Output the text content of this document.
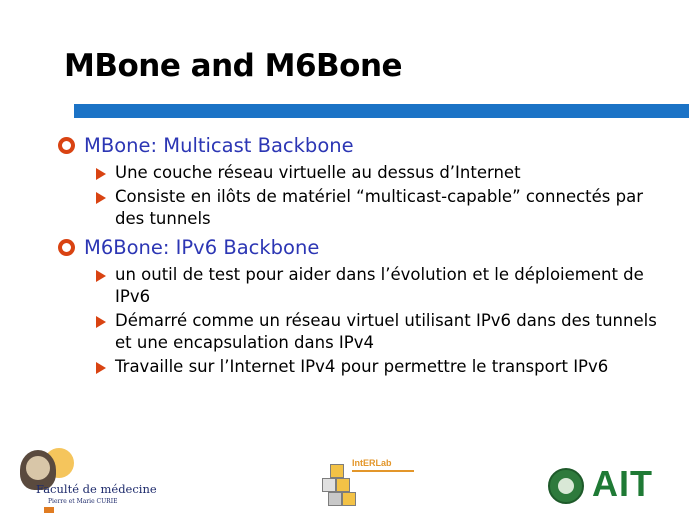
MBone and M6Bone
MBone: Multicast Backbone
Une couche réseau virtuelle au dessus d’Internet
Consiste en ilôts de matériel “multicast-capable” connectés par des tunnels
M6Bone: IPv6 Backbone
un outil de test pour aider dans l’évolution et le déploiement de IPv6
Démarré comme un réseau virtuel utilisant IPv6 dans des tunnels et une encapsulation dans IPv4
Travaille sur l’Internet IPv4 pour permettre le transport IPv6
Faculté de médecine
Pierre et Marie CURIE
IntERLab	AIT
